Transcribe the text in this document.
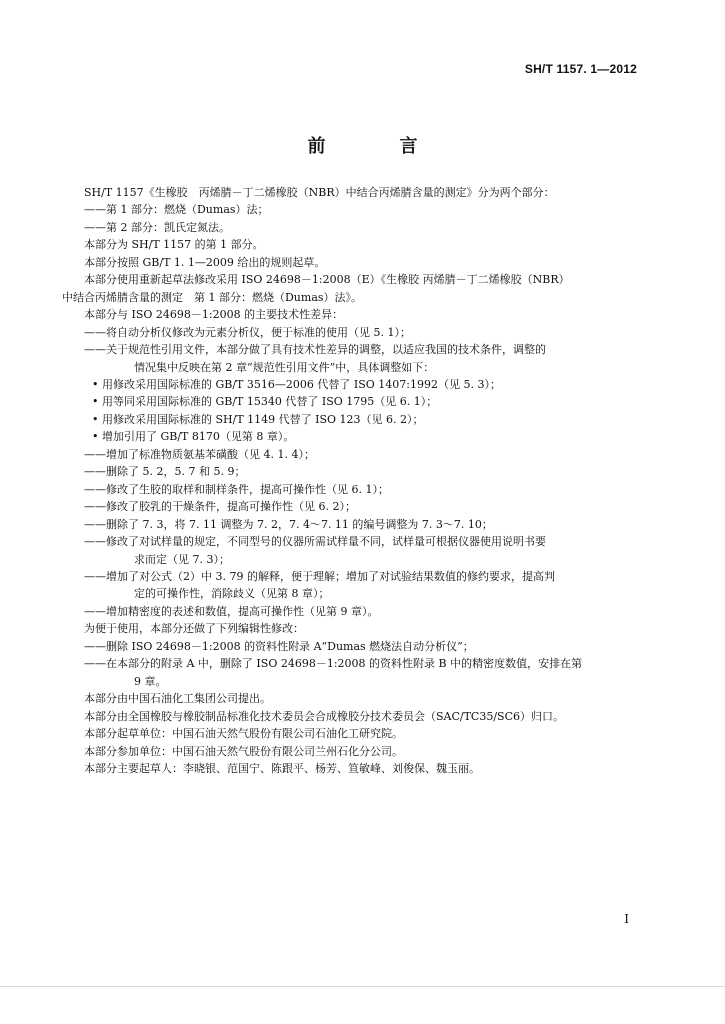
SH/T 1157. 1—2012
前　言
SH/T 1157《生橡胶　丙烯腈－丁二烯橡胶（NBR）中结合丙烯腈含量的测定》分为两个部分：
——第 1 部分：燃烧（Dumas）法；
——第 2 部分：凯氏定氮法。
本部分为 SH/T 1157 的第 1 部分。
本部分按照 GB/T 1. 1—2009 给出的规则起草。
本部分使用重新起草法修改采用 ISO 24698－1:2008（E）《生橡胶 丙烯腈－丁二烯橡胶（NBR）
中结合丙烯腈含量的测定　第 1 部分：燃烧（Dumas）法》。
本部分与 ISO 24698－1:2008 的主要技术性差异：
——将自动分析仪修改为元素分析仪，便于标准的使用（见 5. 1）；
——关于规范性引用文件，本部分做了具有技术性差异的调整，以适应我国的技术条件，调整的
情况集中反映在第 2 章“规范性引用文件”中，具体调整如下：
• 用修改采用国际标准的 GB/T 3516—2006 代替了 ISO 1407:1992（见 5. 3）；
• 用等同采用国际标准的 GB/T 15340 代替了 ISO 1795（见 6. 1）；
• 用修改采用国际标准的 SH/T 1149 代替了 ISO 123（见 6. 2）；
• 增加引用了 GB/T 8170（见第 8 章）。
——增加了标准物质氨基苯磺酸（见 4. 1. 4）；
——删除了 5. 2，5. 7 和 5. 9；
——修改了生胶的取样和制样条件，提高可操作性（见 6. 1）；
——修改了胶乳的干燥条件，提高可操作性（见 6. 2）；
——删除了 7. 3，将 7. 11 调整为 7. 2，7. 4～7. 11 的编号调整为 7. 3～7. 10；
——修改了对试样量的规定，不同型号的仪器所需试样量不同，试样量可根据仪器使用说明书要
求而定（见 7. 3）；
——增加了对公式（2）中 3. 79 的解释，便于理解；增加了对试验结果数值的修约要求，提高判
定的可操作性，消除歧义（见第 8 章）；
——增加精密度的表述和数值，提高可操作性（见第 9 章）。
为便于使用，本部分还做了下列编辑性修改：
——删除 ISO 24698－1:2008 的资料性附录 A“Dumas 燃烧法自动分析仪”；
——在本部分的附录 A 中，删除了 ISO 24698－1:2008 的资料性附录 B 中的精密度数值，安排在第
9 章。
本部分由中国石油化工集团公司提出。
本部分由全国橡胶与橡胶制品标准化技术委员会合成橡胶分技术委员会（SAC/TC35/SC6）归口。
本部分起草单位：中国石油天然气股份有限公司石油化工研究院。
本部分参加单位：中国石油天然气股份有限公司兰州石化分公司。
本部分主要起草人：李晓银、范国宁、陈跟平、杨芳、笪敏峰、刘俊保、魏玉丽。
I
